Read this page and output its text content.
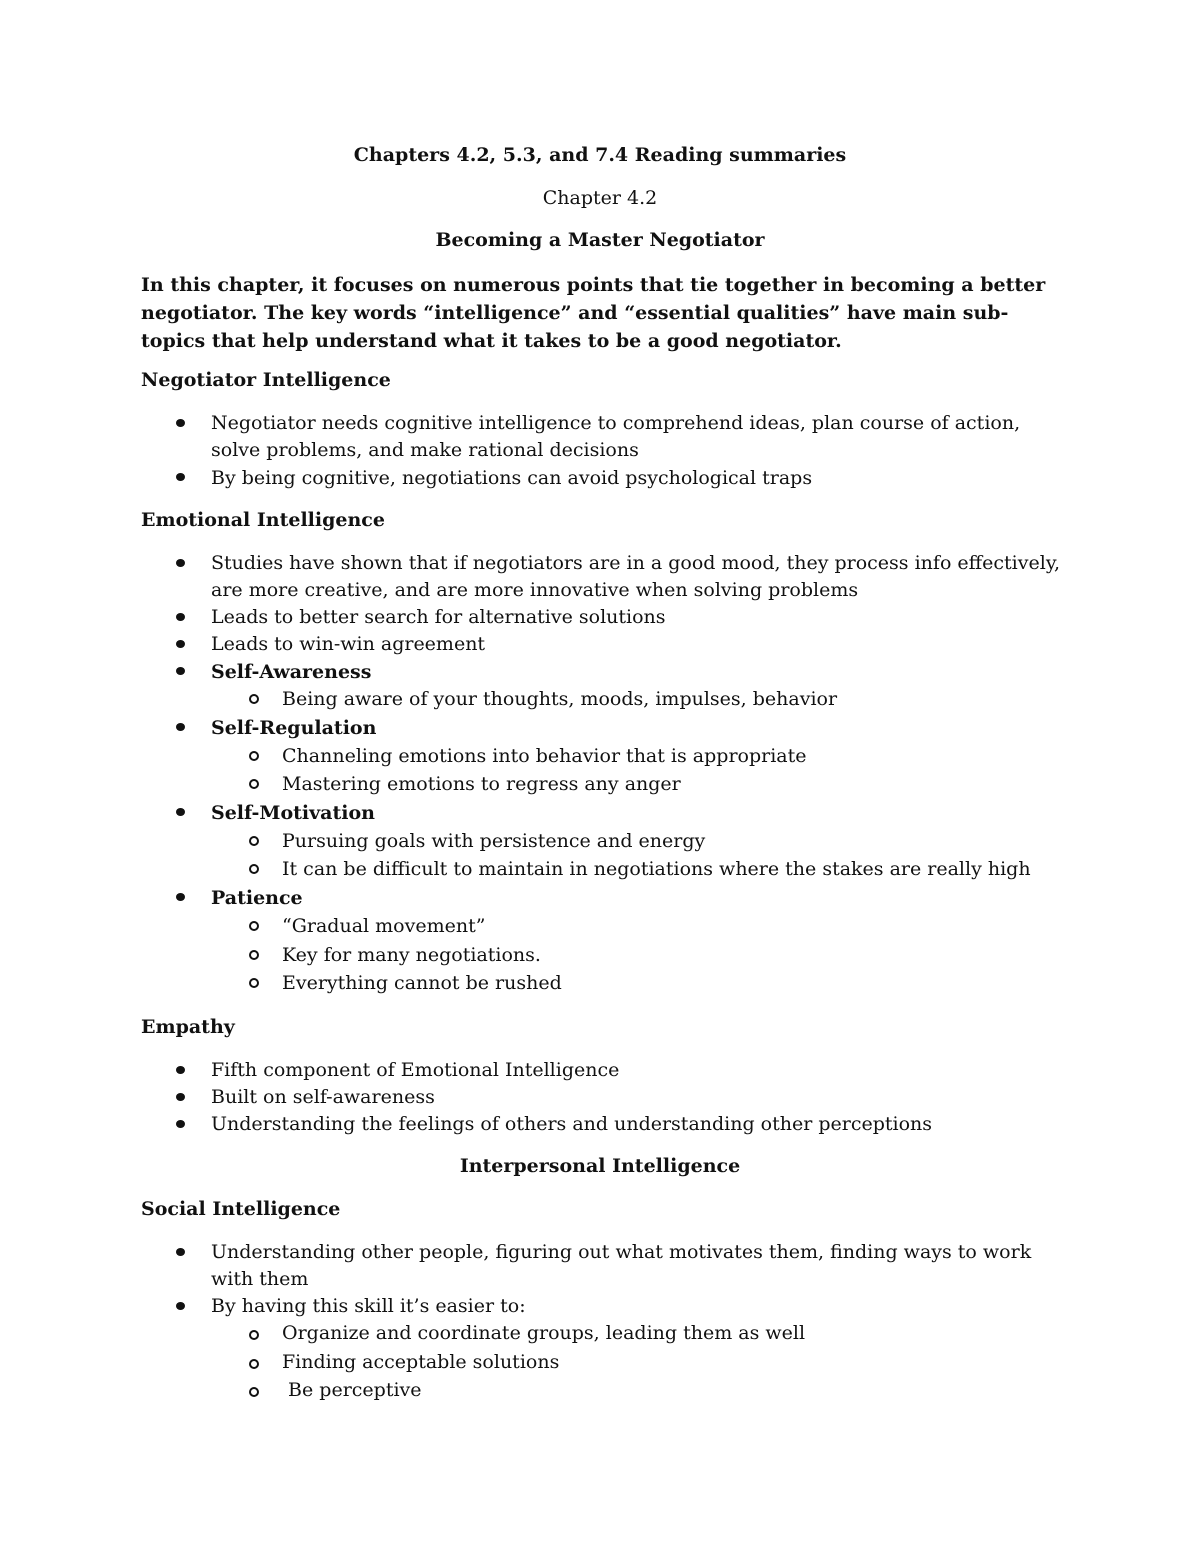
Chapters 4.2, 5.3, and 7.4 Reading summaries
Chapter 4.2
Becoming a Master Negotiator
In this chapter, it focuses on numerous points that tie together in becoming a better negotiator. The key words “intelligence” and “essential qualities” have main sub-topics that help understand what it takes to be a good negotiator.
Negotiator Intelligence
Negotiator needs cognitive intelligence to comprehend ideas, plan course of action, solve problems, and make rational decisions
By being cognitive, negotiations can avoid psychological traps
Emotional Intelligence
Studies have shown that if negotiators are in a good mood, they process info effectively, are more creative, and are more innovative when solving problems
Leads to better search for alternative solutions
Leads to win-win agreement
Self-Awareness
Being aware of your thoughts, moods, impulses, behavior
Self-Regulation
Channeling emotions into behavior that is appropriate
Mastering emotions to regress any anger
Self-Motivation
Pursuing goals with persistence and energy
It can be difficult to maintain in negotiations where the stakes are really high
Patience
“Gradual movement”
Key for many negotiations.
Everything cannot be rushed
Empathy
Fifth component of Emotional Intelligence
Built on self-awareness
Understanding the feelings of others and understanding other perceptions
Interpersonal Intelligence
Social Intelligence
Understanding other people, figuring out what motivates them, finding ways to work with them
By having this skill it’s easier to:
Organize and coordinate groups, leading them as well
Finding acceptable solutions
Be perceptive
